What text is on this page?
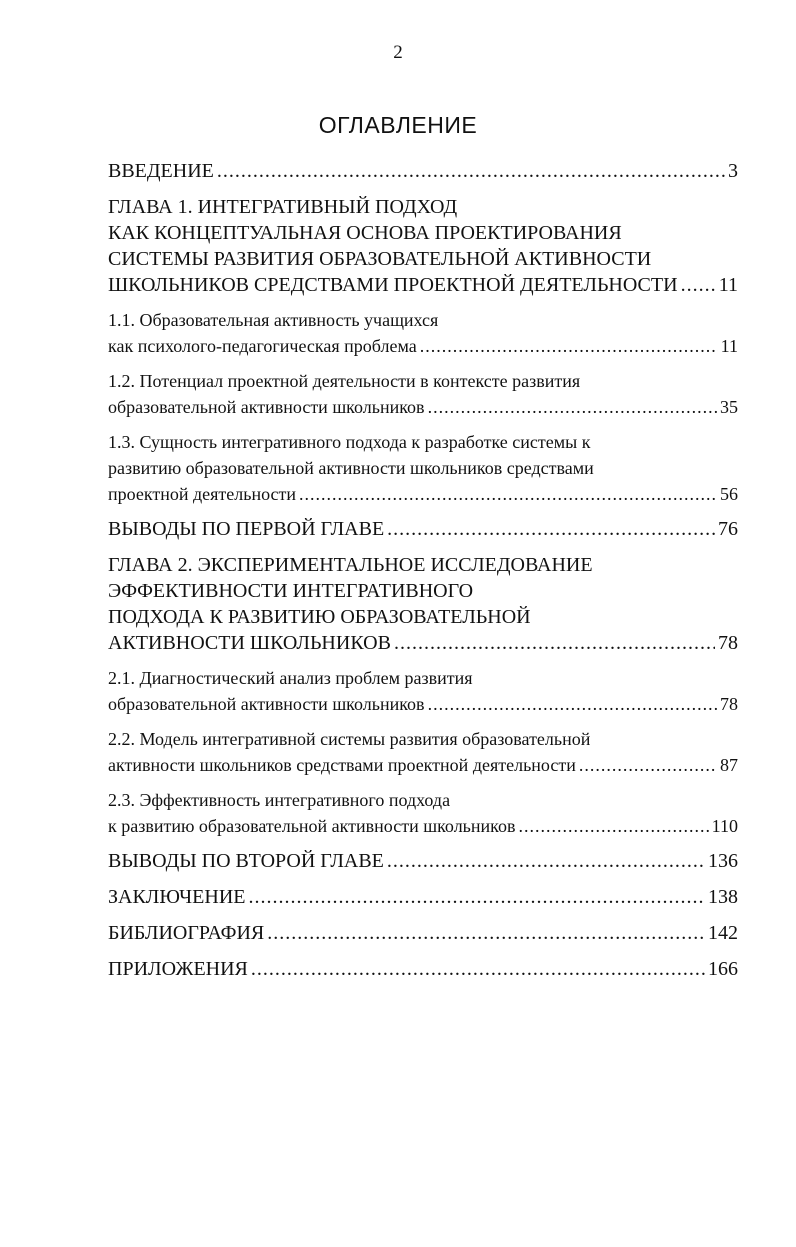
2
ОГЛАВЛЕНИЕ
ВВЕДЕНИЕ .....	3
ГЛАВА 1. ИНТЕГРАТИВНЫЙ ПОДХОД
КАК КОНЦЕПТУАЛЬНАЯ ОСНОВА ПРОЕКТИРОВАНИЯ
СИСТЕМЫ РАЗВИТИЯ ОБРАЗОВАТЕЛЬНОЙ АКТИВНОСТИ
ШКОЛЬНИКОВ СРЕДСТВАМИ ПРОЕКТНОЙ ДЕЯТЕЛЬНОСТИ ..... 11
1.1. Образовательная активность учащихся
как психолого-педагогическая проблема .....	11
1.2. Потенциал проектной деятельности в контексте развития
образовательной активности школьников .....	35
1.3. Сущность интегративного подхода к разработке системы к
развитию образовательной активности школьников средствами
проектной деятельности .....	56
ВЫВОДЫ ПО ПЕРВОЙ ГЛАВЕ .....	76
ГЛАВА 2. ЭКСПЕРИМЕНТАЛЬНОЕ ИССЛЕДОВАНИЕ
ЭФФЕКТИВНОСТИ ИНТЕГРАТИВНОГО
ПОДХОДА К РАЗВИТИЮ ОБРАЗОВАТЕЛЬНОЙ
АКТИВНОСТИ ШКОЛЬНИКОВ .....	78
2.1. Диагностический анализ проблем развития
образовательной активности школьников .....	78
2.2. Модель интегративной системы развития образовательной
активности школьников средствами проектной деятельности .....	87
2.3. Эффективность интегративного подхода
к развитию образовательной активности школьников .....	110
ВЫВОДЫ ПО ВТОРОЙ ГЛАВЕ .....	136
ЗАКЛЮЧЕНИЕ .....	138
БИБЛИОГРАФИЯ .....	142
ПРИЛОЖЕНИЯ .....	166
